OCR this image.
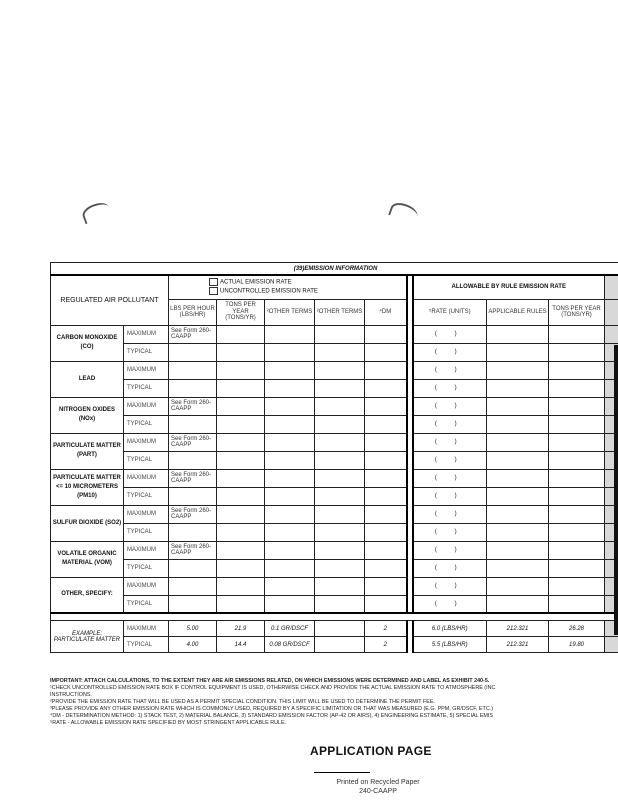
(39)EMISSION INFORMATION											
REGULATED AIR POLLUTANT		ACTUAL EMISSION RATE
UNCONTROLLED EMISSION RATE						ALLOWABLE BY RULE EMISSION RATE			
		LBS PER HOUR (LBS/HR)	TONS PER YEAR (TONS/YR)	²OTHER TERMS	²OTHER TERMS	⁴DM		⁵RATE (UNITS)	APPLICABLE RULES	TONS PER YEAR (TONS/YR)	
CARBON MONOXIDE (CO)	MAXIMUM	See Form 260-CAAPP						( )			
	TYPICAL							( )			
LEAD	MAXIMUM							( )			
	TYPICAL							( )			
NITROGEN OXIDES (NOx)	MAXIMUM	See Form 260-CAAPP						( )			
	TYPICAL							( )			
PARTICULATE MATTER (PART)	MAXIMUM	See Form 260-CAAPP						( )			
	TYPICAL							( )			
PARTICULATE MATTER <= 10 MICROMETERS (PM10)	MAXIMUM	See Form 260-CAAPP						( )			
	TYPICAL							( )			
SULFUR DIOXIDE (SO2)	MAXIMUM	See Form 260-CAAPP						( )			
	TYPICAL							( )			
VOLATILE ORGANIC MATERIAL (VOM)	MAXIMUM	See Form 260-CAAPP						( )			
	TYPICAL							( )			
OTHER, SPECIFY:	MAXIMUM							( )			
	TYPICAL							( )			

EXAMPLE: PARTICULATE MATTER	MAXIMUM	5.00	21.9	0.1 GR/DSCF		2		6.0 (LBS/HR)	212.321	26.28	
	TYPICAL	4.00	14.4	0.08 GR/DSCF		2		5.5 (LBS/HR)	212.321	19.80	
IMPORTANT: ATTACH CALCULATIONS, TO THE EXTENT THEY ARE AIR EMISSIONS RELATED, ON WHICH EMISSIONS WERE DETERMINED AND LABEL AS EXHIBIT 240-5.
¹CHECK UNCONTROLLED EMISSION RATE BOX IF CONTROL EQUIPMENT IS USED, OTHERWISE CHECK AND PROVIDE THE ACTUAL EMISSION RATE TO ATMOSPHERE (INC
INSTRUCTIONS.
²PROVIDE THE EMISSION RATE THAT WILL BE USED AS A PERMIT SPECIAL CONDITION. THIS LIMIT WILL BE USED TO DETERMINE THE PERMIT FEE.
³PLEASE PROVIDE ANY OTHER EMISSION RATE WHICH IS COMMONLY USED, REQUIRED BY A SPECIFIC LIMITATION OR THAT WAS MEASURED (E.G. PPM, GR/DSCF, ETC.)
⁴DM - DETERMINATION METHOD: 1) STACK TEST, 2) MATERIAL BALANCE, 3) STANDARD EMISSION FACTOR (AP-42 OR AIRS), 4) ENGINEERING ESTIMATE, 5) SPECIAL EMIS
⁵RATE - ALLOWABLE EMISSION RATE SPECIFIED BY MOST STRINGENT APPLICABLE RULE.
APPLICATION PAGE
Printed on Recycled Paper
240-CAAPP
